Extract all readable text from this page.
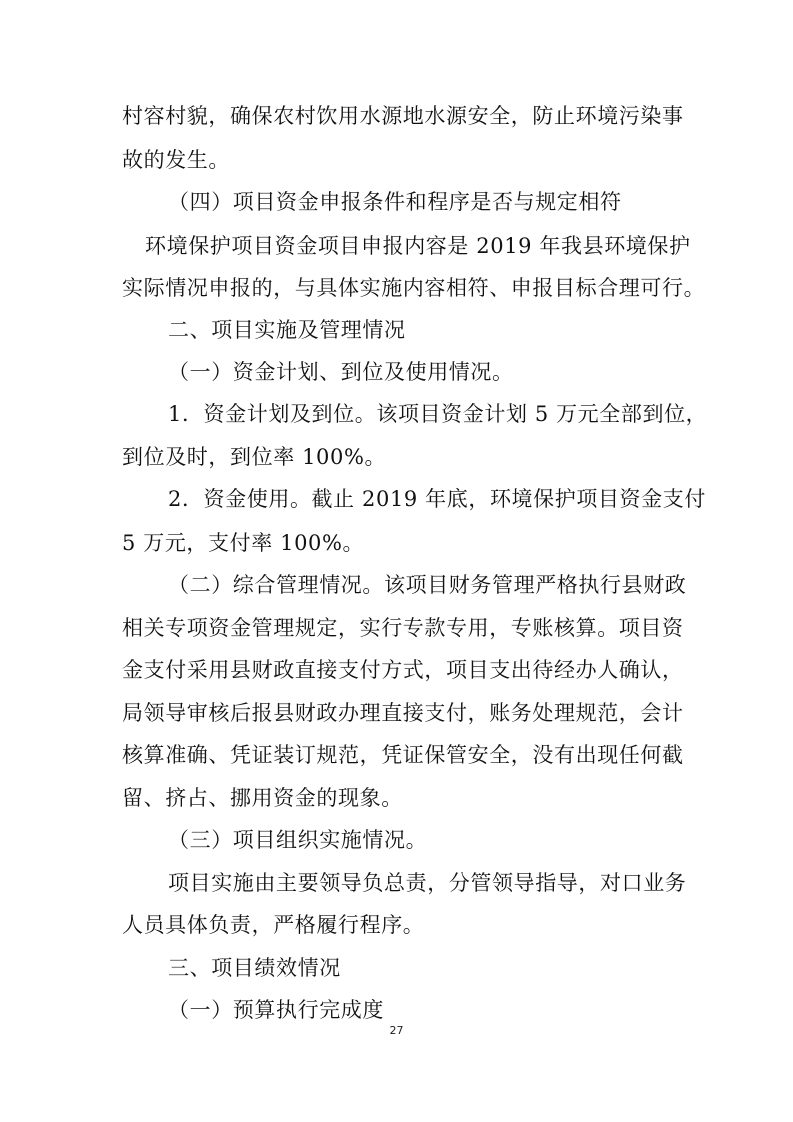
村容村貌，确保农村饮用水源地水源安全，防止环境污染事
故的发生。
（四）项目资金申报条件和程序是否与规定相符
环境保护项目资金项目申报内容是 2019 年我县环境保护
实际情况申报的，与具体实施内容相符、申报目标合理可行。
二、项目实施及管理情况
（一）资金计划、到位及使用情况。
1．资金计划及到位。该项目资金计划 5 万元全部到位，
到位及时，到位率 100%。
2．资金使用。截止 2019 年底，环境保护项目资金支付
5 万元，支付率 100%。
（二）综合管理情况。该项目财务管理严格执行县财政
相关专项资金管理规定，实行专款专用，专账核算。项目资
金支付采用县财政直接支付方式，项目支出待经办人确认，
局领导审核后报县财政办理直接支付，账务处理规范，会计
核算准确、凭证装订规范，凭证保管安全，没有出现任何截
留、挤占、挪用资金的现象。
（三）项目组织实施情况。
项目实施由主要领导负总责，分管领导指导，对口业务
人员具体负责，严格履行程序。
三、项目绩效情况
（一）预算执行完成度
27
